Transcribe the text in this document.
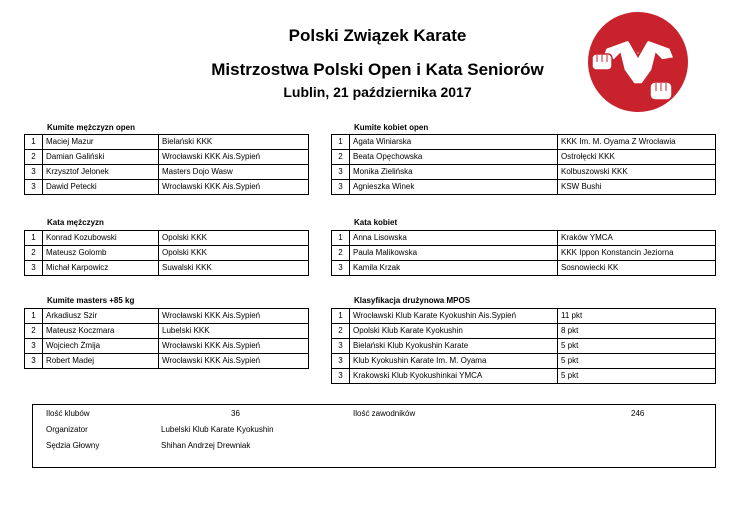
Polski Związek Karate
Mistrzostwa Polski Open i Kata Seniorów
Lublin, 21 października 2017
Kumite mężczyzn open	Kumite kobiet open
Kata mężczyzn	Kata kobiet
Kumite masters +85 kg	Klasyfikacja drużynowa MPOS
1	Maciej Mazur	Bielański KKK
2	Damian Galiński	Wrocławski KKK Ais.Sypień
3	Krzysztof Jelonek	Masters Dojo Wasw
3	Dawid Petecki	Wrocławski KKK Ais.Sypień
1	Agata Winiarska	KKK Im. M. Oyama Z Wrocławia
2	Beata Opęchowska	Ostrołęcki KKK
3	Monika Zielińska	Kolbuszowski KKK
3	Agnieszka Winek	KSW Bushi
1	Konrad Kozubowski	Opolski KKK
2	Mateusz Golomb	Opolski KKK
3	Michał Karpowicz	Suwalski KKK
1	Anna Lisowska	Kraków YMCA
2	Paula Malikowska	KKK Ippon Konstancin Jeziorna
3	Kamila Krzak	Sosnowiecki KK
1	Arkadiusz Szir	Wrocławski KKK Ais.Sypień
2	Mateusz Koczmara	Lubelski KKK
3	Wojciech Żmija	Wrocławski KKK Ais.Sypień
3	Robert Madej	Wrocławski KKK Ais.Sypień
1	Wrocławski Klub Karate Kyokushin Ais.Sypień	11 pkt
2	Opolski Klub Karate Kyokushin	8 pkt
3	Bielański Klub Kyokushin Karate	5 pkt
3	Klub Kyokushin Karate Im. M. Oyama	5 pkt
3	Krakowski Klub Kyokushinkai YMCA	5 pkt
Ilość klubów	36	Ilość zawodników	246
Organizator	Lubelski Klub Karate Kyokushin
Sędzia Głowny	Shihan Andrzej Drewniak
